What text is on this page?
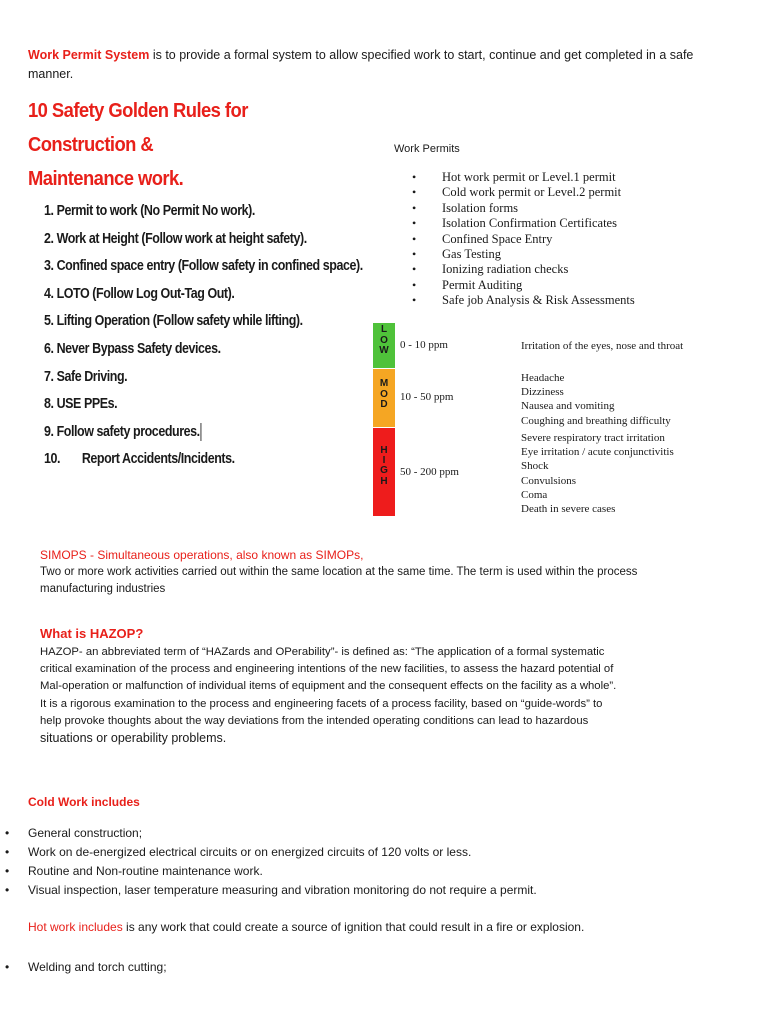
Work Permit System is to provide a formal system to allow specified work to start, continue and get completed in a safe manner.
10 Safety Golden Rules for Construction &
Maintenance work.
1. Permit to work (No Permit No work).
2. Work at Height (Follow work at height safety).
3. Confined space entry (Follow safety in confined space).
4. LOTO (Follow Log Out-Tag Out).
5. Lifting Operation (Follow safety while lifting).
6. Never Bypass Safety devices.
7. Safe Driving.
8. USE PPEs.
9. Follow safety procedures.
10. Report Accidents/Incidents.
Work Permits
• Hot work permit or Level.1 permit
• Cold work permit or Level.2 permit
• Isolation forms
• Isolation Confirmation Certificates
• Confined Space Entry
• Gas Testing
• Ionizing radiation checks
• Permit Auditing
• Safe job Analysis & Risk Assessments
L
O
W
M
O
D
H
I
G
H
0 - 10 ppm
10 - 50 ppm
50 - 200 ppm
Irritation of the eyes, nose and throat
Headache
Dizziness
Nausea and vomiting
Coughing and breathing difficulty
Severe respiratory tract irritation
Eye irritation / acute conjunctivitis
Shock
Convulsions
Coma
Death in severe cases
SIMOPS - Simultaneous operations, also known as SIMOPs,
Two or more work activities carried out within the same location at the same time. The term is used within the process
manufacturing industries
What is HAZOP?
HAZOP- an abbreviated term of “HAZards and OPerability”- is defined as: “The application of a formal systematic
critical examination of the process and engineering intentions of the new facilities, to assess the hazard potential of
Mal-operation or malfunction of individual items of equipment and the consequent effects on the facility as a whole”.
It is a rigorous examination to the process and engineering facets of a process facility, based on “guide-words” to
help provoke thoughts about the way deviations from the intended operating conditions can lead to hazardous
situations or operability problems.
Cold Work includes
• General construction;
• Work on de-energized electrical circuits or on energized circuits of 120 volts or less.
• Routine and Non-routine maintenance work.
• Visual inspection, laser temperature measuring and vibration monitoring do not require a permit.
Hot work includes is any work that could create a source of ignition that could result in a fire or explosion.
• Welding and torch cutting;
